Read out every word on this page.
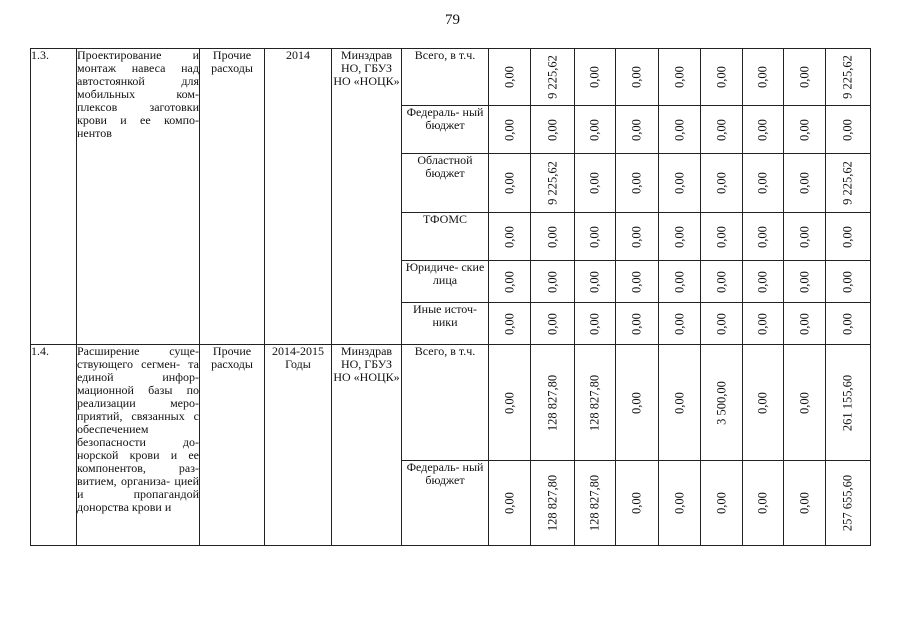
79
1.3.	Проектирование и монтаж навеса над автостоянкой для мобильных ком- плексов заготовки крови и ее компо- нентов	Прочие расходы	2014	Минздрав НО, ГБУЗ НО «НОЦК»	Всего, в т.ч.	0,00	9 225,62	0,00	0,00	0,00	0,00	0,00	0,00	9 225,62

					Федераль- ный бюджет	0,00	0,00	0,00	0,00	0,00	0,00	0,00	0,00	0,00

					Областной бюджет	0,00	9 225,62	0,00	0,00	0,00	0,00	0,00	0,00	9 225,62

					ТФОМС	0,00	0,00	0,00	0,00	0,00	0,00	0,00	0,00	0,00

					Юридиче- ские лица	0,00	0,00	0,00	0,00	0,00	0,00	0,00	0,00	0,00

					Иные источ- ники	0,00	0,00	0,00	0,00	0,00	0,00	0,00	0,00	0,00

1.4.	Расширение суще- ствующего сегмен- та единой инфор- мационной базы по реализации меро- приятий, связанных с обеспечением безопасности до- норской крови и ее компонентов, раз- витием, организа- цией и пропагандой донорства крови и	Прочие расходы	2014-2015 Годы	Минздрав НО, ГБУЗ НО «НОЦК»	Всего, в т.ч.	0,00	128 827,80	128 827,80	0,00	0,00	3 500,00	0,00	0,00	261 155,60

					Федераль- ный бюджет	0,00	128 827,80	128 827,80	0,00	0,00	0,00	0,00	0,00	257 655,60
